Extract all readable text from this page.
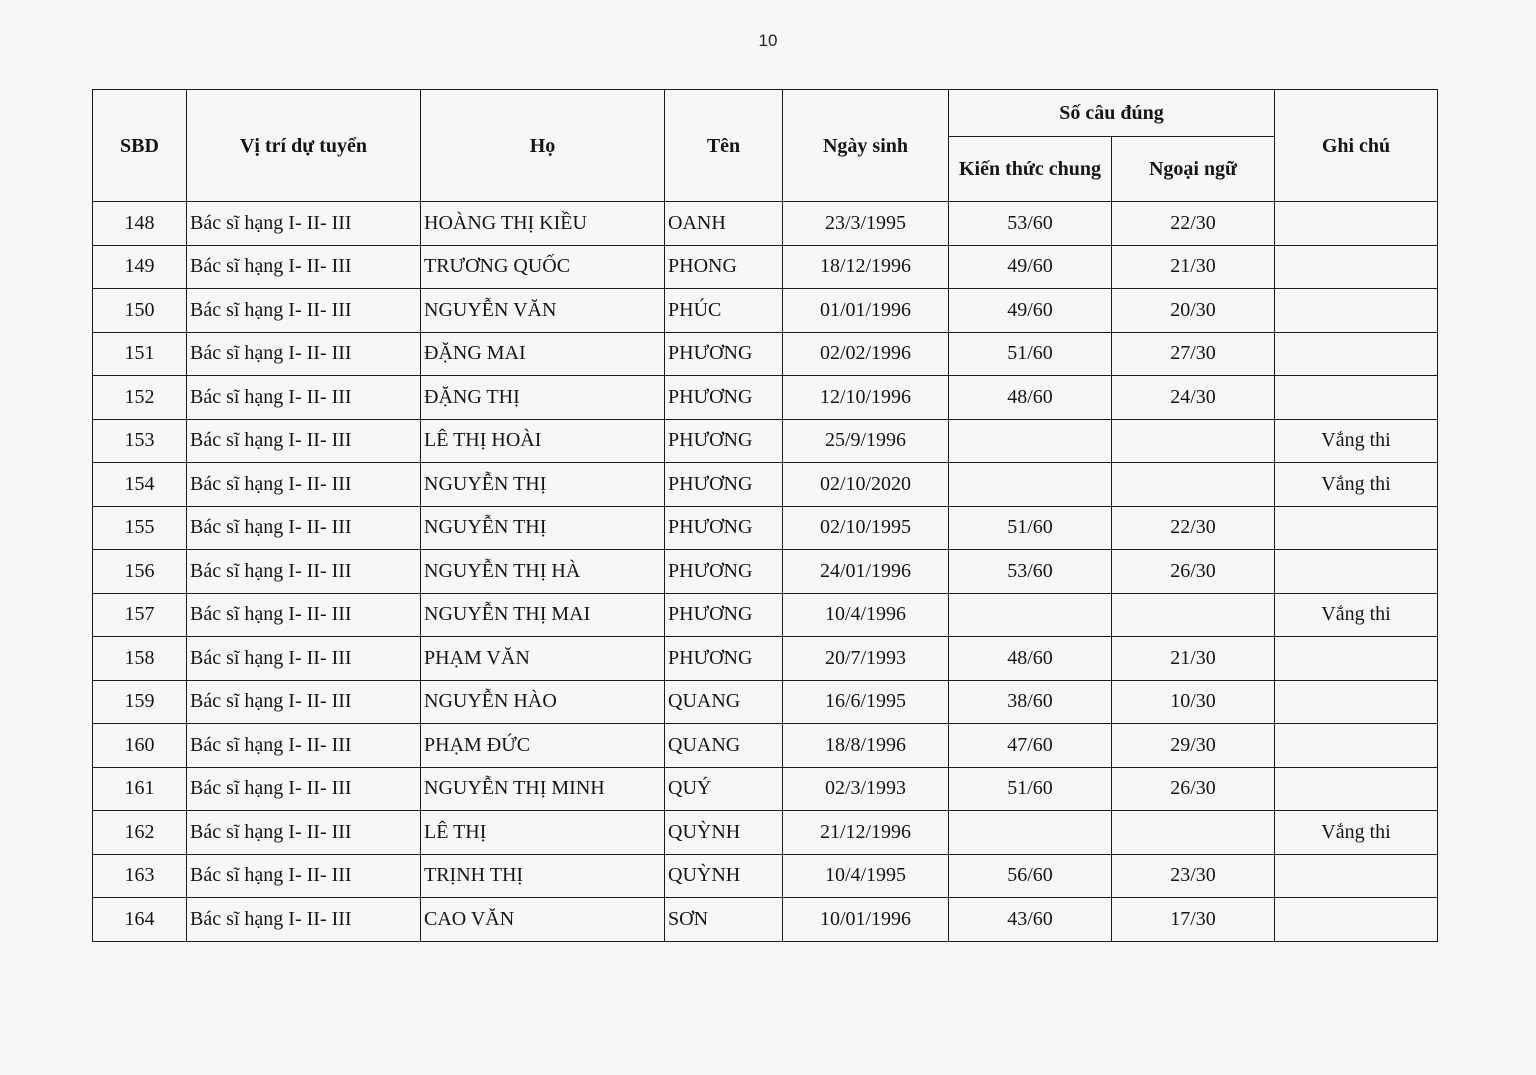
10
SBD	Vị trí dự tuyển	Họ	Tên	Ngày sinh	Số câu đúng		Ghi chú
					Kiến thức chung	Ngoại ngữ	
148	Bác sĩ hạng I- II- III	HOÀNG THỊ KIỀU	OANH	23/3/1995	53/60	22/30	
149	Bác sĩ hạng I- II- III	TRƯƠNG QUỐC	PHONG	18/12/1996	49/60	21/30	
150	Bác sĩ hạng I- II- III	NGUYỄN VĂN	PHÚC	01/01/1996	49/60	20/30	
151	Bác sĩ hạng I- II- III	ĐẶNG MAI	PHƯƠNG	02/02/1996	51/60	27/30	
152	Bác sĩ hạng I- II- III	ĐẶNG THỊ	PHƯƠNG	12/10/1996	48/60	24/30	
153	Bác sĩ hạng I- II- III	LÊ THỊ HOÀI	PHƯƠNG	25/9/1996			Vắng thi
154	Bác sĩ hạng I- II- III	NGUYỄN THỊ	PHƯƠNG	02/10/2020			Vắng thi
155	Bác sĩ hạng I- II- III	NGUYỄN THỊ	PHƯƠNG	02/10/1995	51/60	22/30	
156	Bác sĩ hạng I- II- III	NGUYỄN THỊ HÀ	PHƯƠNG	24/01/1996	53/60	26/30	
157	Bác sĩ hạng I- II- III	NGUYỄN THỊ MAI	PHƯƠNG	10/4/1996			Vắng thi
158	Bác sĩ hạng I- II- III	PHẠM VĂN	PHƯƠNG	20/7/1993	48/60	21/30	
159	Bác sĩ hạng I- II- III	NGUYỄN HÀO	QUANG	16/6/1995	38/60	10/30	
160	Bác sĩ hạng I- II- III	PHẠM ĐỨC	QUANG	18/8/1996	47/60	29/30	
161	Bác sĩ hạng I- II- III	NGUYỄN THỊ MINH	QUÝ	02/3/1993	51/60	26/30	
162	Bác sĩ hạng I- II- III	LÊ THỊ	QUỲNH	21/12/1996			Vắng thi
163	Bác sĩ hạng I- II- III	TRỊNH THỊ	QUỲNH	10/4/1995	56/60	23/30	
164	Bác sĩ hạng I- II- III	CAO VĂN	SƠN	10/01/1996	43/60	17/30	
